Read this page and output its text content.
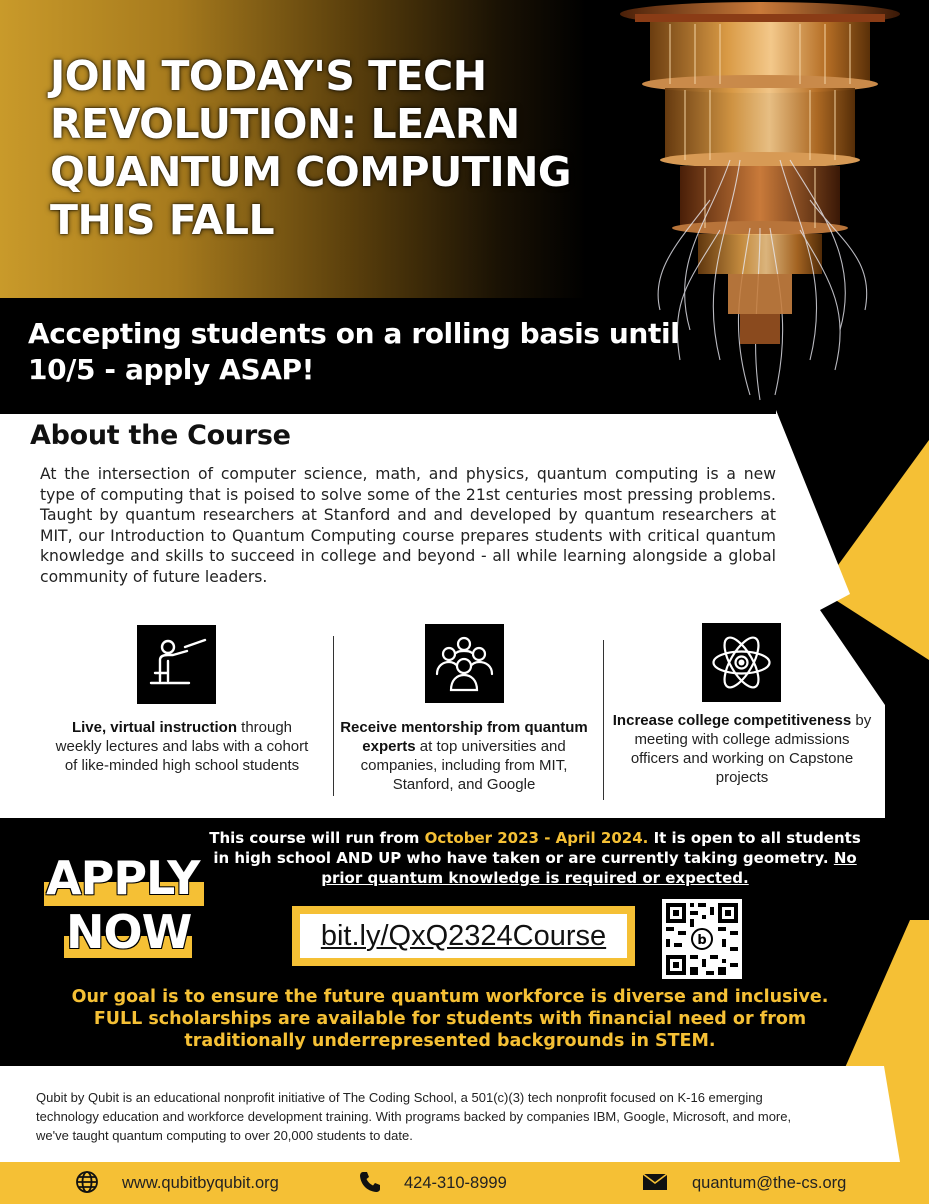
JOIN TODAY'S TECH
REVOLUTION: LEARN
QUANTUM COMPUTING
THIS FALL
Accepting students on a rolling basis until
10/5 - apply ASAP!
About the Course
At the intersection of computer science, math, and physics, quantum computing is a new type of computing that is poised to solve some of the 21st centuries most pressing problems. Taught by quantum researchers at Stanford and and developed by quantum researchers at MIT, our Introduction to Quantum Computing course prepares students with critical quantum knowledge and skills to succeed in college and beyond - all while learning alongside a global community of future leaders.
Live, virtual instruction through weekly lectures and labs with a cohort of like-minded high school students
Receive mentorship from quantum experts at top universities and companies, including from MIT, Stanford, and Google
Increase college competitiveness by meeting with college admissions officers and working on Capstone projects
This course will run from October 2023 - April 2024. It is open to all students in high school AND UP who have taken or are currently taking geometry. No prior quantum knowledge is required or expected.
APPLY
NOW	bit.ly/QxQ2324Course	b
Our goal is to ensure the future quantum workforce is diverse and inclusive.
FULL scholarships are available for students with financial need or from
traditionally underrepresented backgrounds in STEM.
Qubit by Qubit is an educational nonprofit initiative of The Coding School, a 501(c)(3) tech nonprofit focused on K-16 emerging technology education and workforce development training. With programs backed by companies IBM, Google, Microsoft, and more, we've taught quantum computing to over 20,000 students to date.
www.qubitbyqubit.org	424-310-8999	quantum@the-cs.org
